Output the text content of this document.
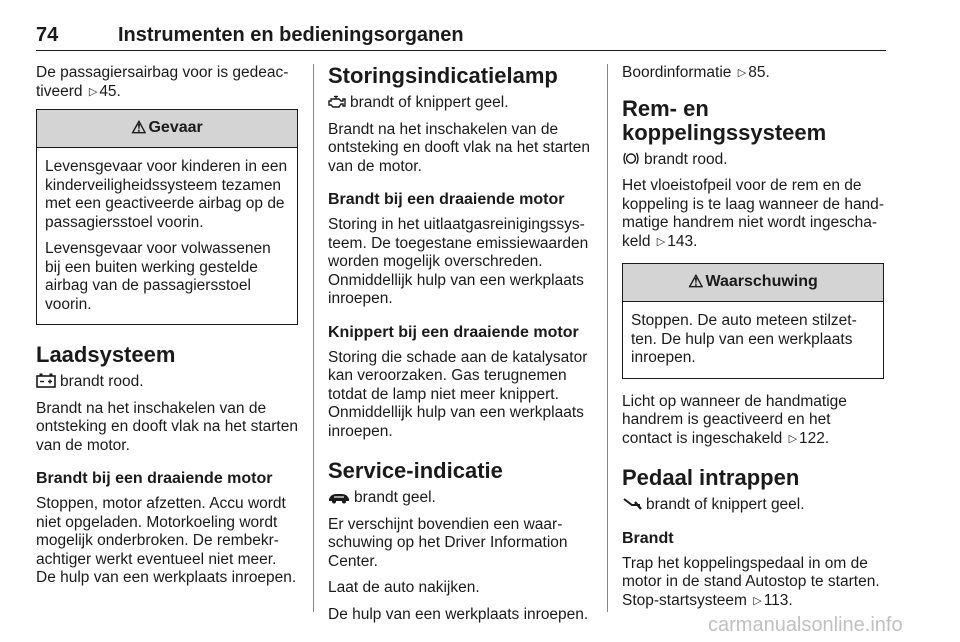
74	Instrumenten en bedieningsorganen

De passagiersairbag voor is gedeactiveerd ▷ 45.

⚠ Gevaar

Levensgevaar voor kinderen in een kinderveiligheidssysteem tezamen met een geactiveerde airbag op de passagiersstoel voorin.

Levensgevaar voor volwassenen bij een buiten werking gestelde airbag van de passagiersstoel voorin.

Laadsysteem

brandt rood.

Brandt na het inschakelen van de ontsteking en dooft vlak na het starten van de motor.

Brandt bij een draaiende motor

Stoppen, motor afzetten. Accu wordt niet opgeladen. Motorkoeling wordt mogelijk onderbroken. De rembekrachtiger werkt eventueel niet meer. De hulp van een werkplaats inroepen.

Storingsindicatielamp

brandt of knippert geel.

Brandt na het inschakelen van de ontsteking en dooft vlak na het starten van de motor.

Brandt bij een draaiende motor

Storing in het uitlaatgasreinigingssysteem. De toegestane emissiewaarden worden mogelijk overschreden. Onmiddellijk hulp van een werkplaats inroepen.

Knippert bij een draaiende motor

Storing die schade aan de katalysator kan veroorzaken. Gas terugnemen totdat de lamp niet meer knippert. Onmiddellijk hulp van een werkplaats inroepen.

Service-indicatie

brandt geel.

Er verschijnt bovendien een waarschuwing op het Driver Information Center.

Laat de auto nakijken.

De hulp van een werkplaats inroepen.

Boordinformatie ▷ 85.

Rem- en koppelingssysteem

brandt rood.

Het vloeistofpeil voor de rem en de koppeling is te laag wanneer de handmatige handrem niet wordt ingeschakeld ▷ 143.

⚠ Waarschuwing

Stoppen. De auto meteen stilzetten. De hulp van een werkplaats inroepen.

Licht op wanneer de handmatige handrem is geactiveerd en het contact is ingeschakeld ▷ 122.

Pedaal intrappen

brandt of knippert geel.

Brandt

Trap het koppelingspedaal in om de motor in de stand Autostop te starten. Stop-startsysteem ▷ 113.

carmanualsonline.info
